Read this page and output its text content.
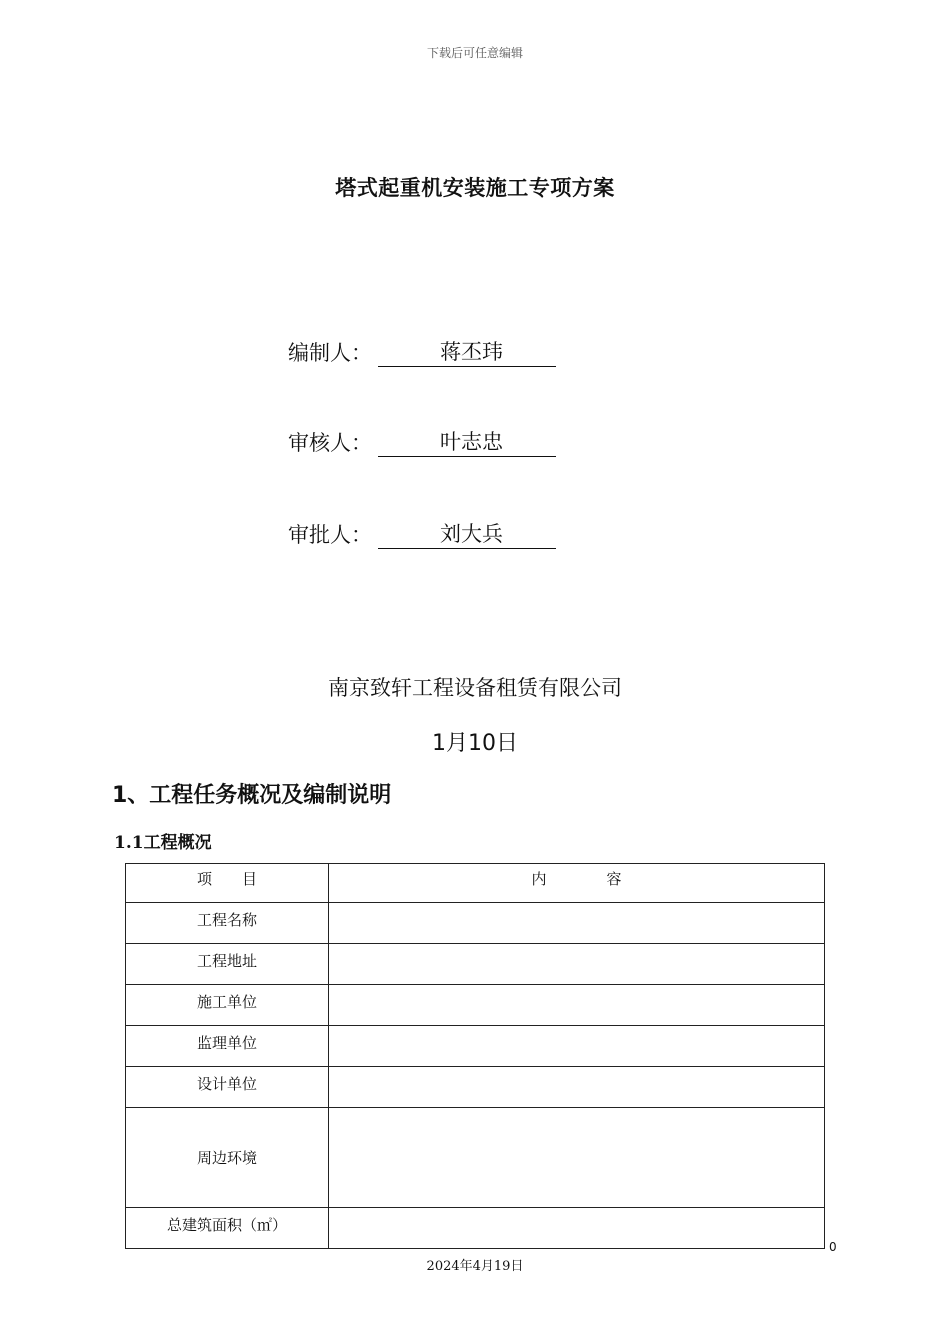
下载后可任意编辑
塔式起重机安装施工专项方案
编制人：	蒋丕玮
审核人：	叶志忠
审批人：	刘大兵
南京致轩工程设备租赁有限公司
1月10日
1、工程任务概况及编制说明
1.1工程概况
项　　目	内　　　　容
工程名称	
工程地址	
施工单位	
监理单位	
设计单位	
周边环境	
总建筑面积（㎡）	
0
2024年4月19日
